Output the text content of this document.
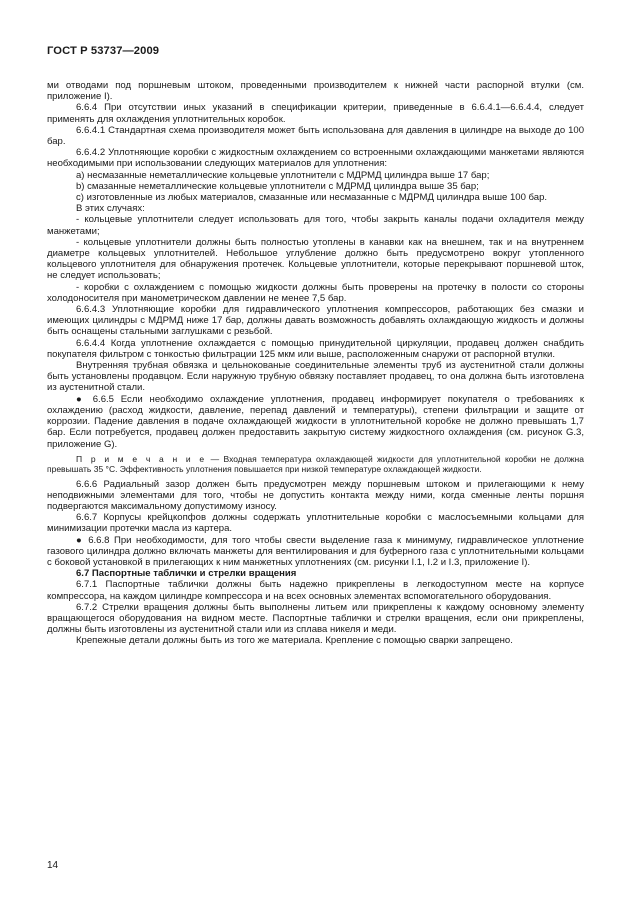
ГОСТ Р 53737—2009

ми отводами под поршневым штоком, проведенными производителем к нижней части распорной втулки (см. приложение I).

6.6.4 При отсутствии иных указаний в спецификации критерии, приведенные в 6.6.4.1—6.6.4.4, следует применять для охлаждения уплотнительных коробок.

6.6.4.1 Стандартная схема производителя может быть использована для давления в цилиндре на выходе до 100 бар.

6.6.4.2 Уплотняющие коробки с жидкостным охлаждением со встроенными охлаждающими манжетами являются необходимыми при использовании следующих материалов для уплотнения:

а) несмазанные неметаллические кольцевые уплотнители с МДРМД цилиндра выше 17 бар;

b) смазанные неметаллические кольцевые уплотнители с МДРМД цилиндра выше 35 бар;

с) изготовленные из любых материалов, смазанные или несмазанные с МДРМД цилиндра выше 100 бар.

В этих случаях:

- кольцевые уплотнители следует использовать для того, чтобы закрыть каналы подачи охладителя между манжетами;

- кольцевые уплотнители должны быть полностью утоплены в канавки как на внешнем, так и на внутреннем диаметре кольцевых уплотнителей. Небольшое углубление должно быть предусмотрено вокруг утопленного кольцевого уплотнителя для обнаружения протечек. Кольцевые уплотнители, которые перекрывают поршневой шток, не следует использовать;

- коробки с охлаждением с помощью жидкости должны быть проверены на протечку в полости со стороны холодоносителя при манометрическом давлении не менее 7,5 бар.

6.6.4.3 Уплотняющие коробки для гидравлического уплотнения компрессоров, работающих без смазки и имеющих цилиндры с МДРМД ниже 17 бар, должны давать возможность добавлять охлаждающую жидкость и должны быть оснащены стальными заглушками с резьбой.

6.6.4.4 Когда уплотнение охлаждается с помощью принудительной циркуляции, продавец должен снабдить покупателя фильтром с тонкостью фильтрации 125 мкм или выше, расположенным снаружи от распорной втулки.

Внутренняя трубная обвязка и цельнокованые соединительные элементы труб из аустенитной стали должны быть установлены продавцом. Если наружную трубную обвязку поставляет продавец, то она должна быть изготовлена из аустенитной стали.

● 6.6.5 Если необходимо охлаждение уплотнения, продавец информирует покупателя о требованиях к охлаждению (расход жидкости, давление, перепад давлений и температуры), степени фильтрации и защите от коррозии. Падение давления в подаче охлаждающей жидкости в уплотнительной коробке не должно превышать 1,7 бар. Если потребуется, продавец должен предоставить закрытую систему жидкостного охлаждения (см. рисунок G.3, приложение G).

П р и м е ч а н и е — Входная температура охлаждающей жидкости для уплотнительной коробки не должна превышать 35 °С. Эффективность уплотнения повышается при низкой температуре охлаждающей жидкости.

6.6.6 Радиальный зазор должен быть предусмотрен между поршневым штоком и прилегающими к нему неподвижными элементами для того, чтобы не допустить контакта между ними, когда сменные ленты поршня подвергаются максимальному допустимому износу.

6.6.7 Корпусы крейцкопфов должны содержать уплотнительные коробки с маслосъемными кольцами для минимизации протечки масла из картера.

● 6.6.8 При необходимости, для того чтобы свести выделение газа к минимуму, гидравлическое уплотнение газового цилиндра должно включать манжеты для вентилирования и для буферного газа с уплотнительными кольцами с боковой установкой в прилегающих к ним манжетных уплотнениях (см. рисунки I.1, I.2 и I.3, приложение I).

6.7 Паспортные таблички и стрелки вращения

6.7.1 Паспортные таблички должны быть надежно прикреплены в легкодоступном месте на корпусе компрессора, на каждом цилиндре компрессора и на всех основных элементах вспомогательного оборудования.

6.7.2 Стрелки вращения должны быть выполнены литьем или прикреплены к каждому основному элементу вращающегося оборудования на видном месте. Паспортные таблички и стрелки вращения, если они прикреплены, должны быть изготовлены из аустенитной стали или из сплава никеля и меди.

Крепежные детали должны быть из того же материала. Крепление с помощью сварки запрещено.

14
